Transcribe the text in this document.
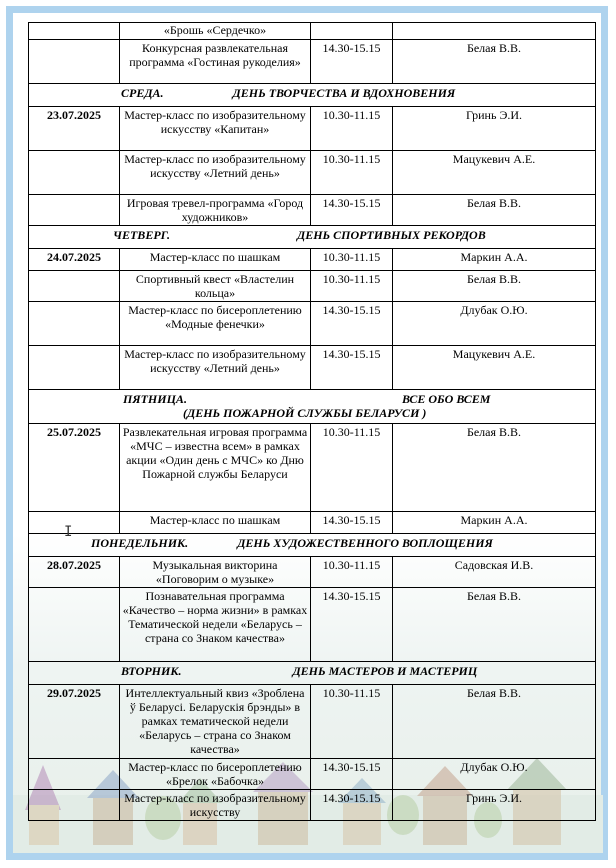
	«Брошь «Сердечко»		
	Конкурсная развлекательная программа «Гостиная рукоделия»	14.30-15.15	Белая В.В.
СРЕДА. ДЕНЬ ТВОРЧЕСТВА И ВДОХНОВЕНИЯ			
23.07.2025	Мастер-класс по изобразительному искусству «Капитан»	10.30-11.15	Гринь Э.И.
	Мастер-класс по изобразительному искусству «Летний день»	10.30-11.15	Мацукевич А.Е.
	Игровая тревел-программа «Город художников»	14.30-15.15	Белая В.В.
ЧЕТВЕРГ. ДЕНЬ СПОРТИВНЫХ РЕКОРДОВ			
24.07.2025	Мастер-класс по шашкам	10.30-11.15	Маркин А.А.
	Спортивный квест «Властелин кольца»	10.30-11.15	Белая В.В.
	Мастер-класс по бисероплетению «Модные фенечки»	14.30-15.15	Длубак О.Ю.
	Мастер-класс по изобразительному искусству «Летний день»	14.30-15.15	Мацукевич А.Е.
ПЯТНИЦА. ВСЕ ОБО ВСЕМ
(ДЕНЬ ПОЖАРНОЙ СЛУЖБЫ БЕЛАРУСИ )			
25.07.2025	Развлекательная игровая программа «МЧС – известна всем» в рамках акции «Один день с МЧС» ко Дню Пожарной службы Беларуси	10.30-11.15	Белая В.В.
	Мастер-класс по шашкам	14.30-15.15	Маркин А.А.
ПОНЕДЕЛЬНИК. ДЕНЬ ХУДОЖЕСТВЕННОГО ВОПЛОЩЕНИЯ			
28.07.2025	Музыкальная викторина «Поговорим о музыке»	10.30-11.15	Садовская И.В.
	Познавательная программа «Качество – норма жизни» в рамках Тематической недели «Беларусь – страна со Знаком качества»	14.30-15.15	Белая В.В.
ВТОРНИК. ДЕНЬ МАСТЕРОВ И МАСТЕРИЦ			
29.07.2025	Интеллектуальный квиз «Зроблена ў Беларусі. Беларускія брэнды» в рамках тематической недели «Беларусь – страна со Знаком качества»	10.30-11.15	Белая В.В.
	Мастер-класс по бисероплетению «Брелок «Бабочка»	14.30-15.15	Длубак О.Ю.
	Мастер-класс по изобразительному искусству	14.30-15.15	Гринь Э.И.
I
